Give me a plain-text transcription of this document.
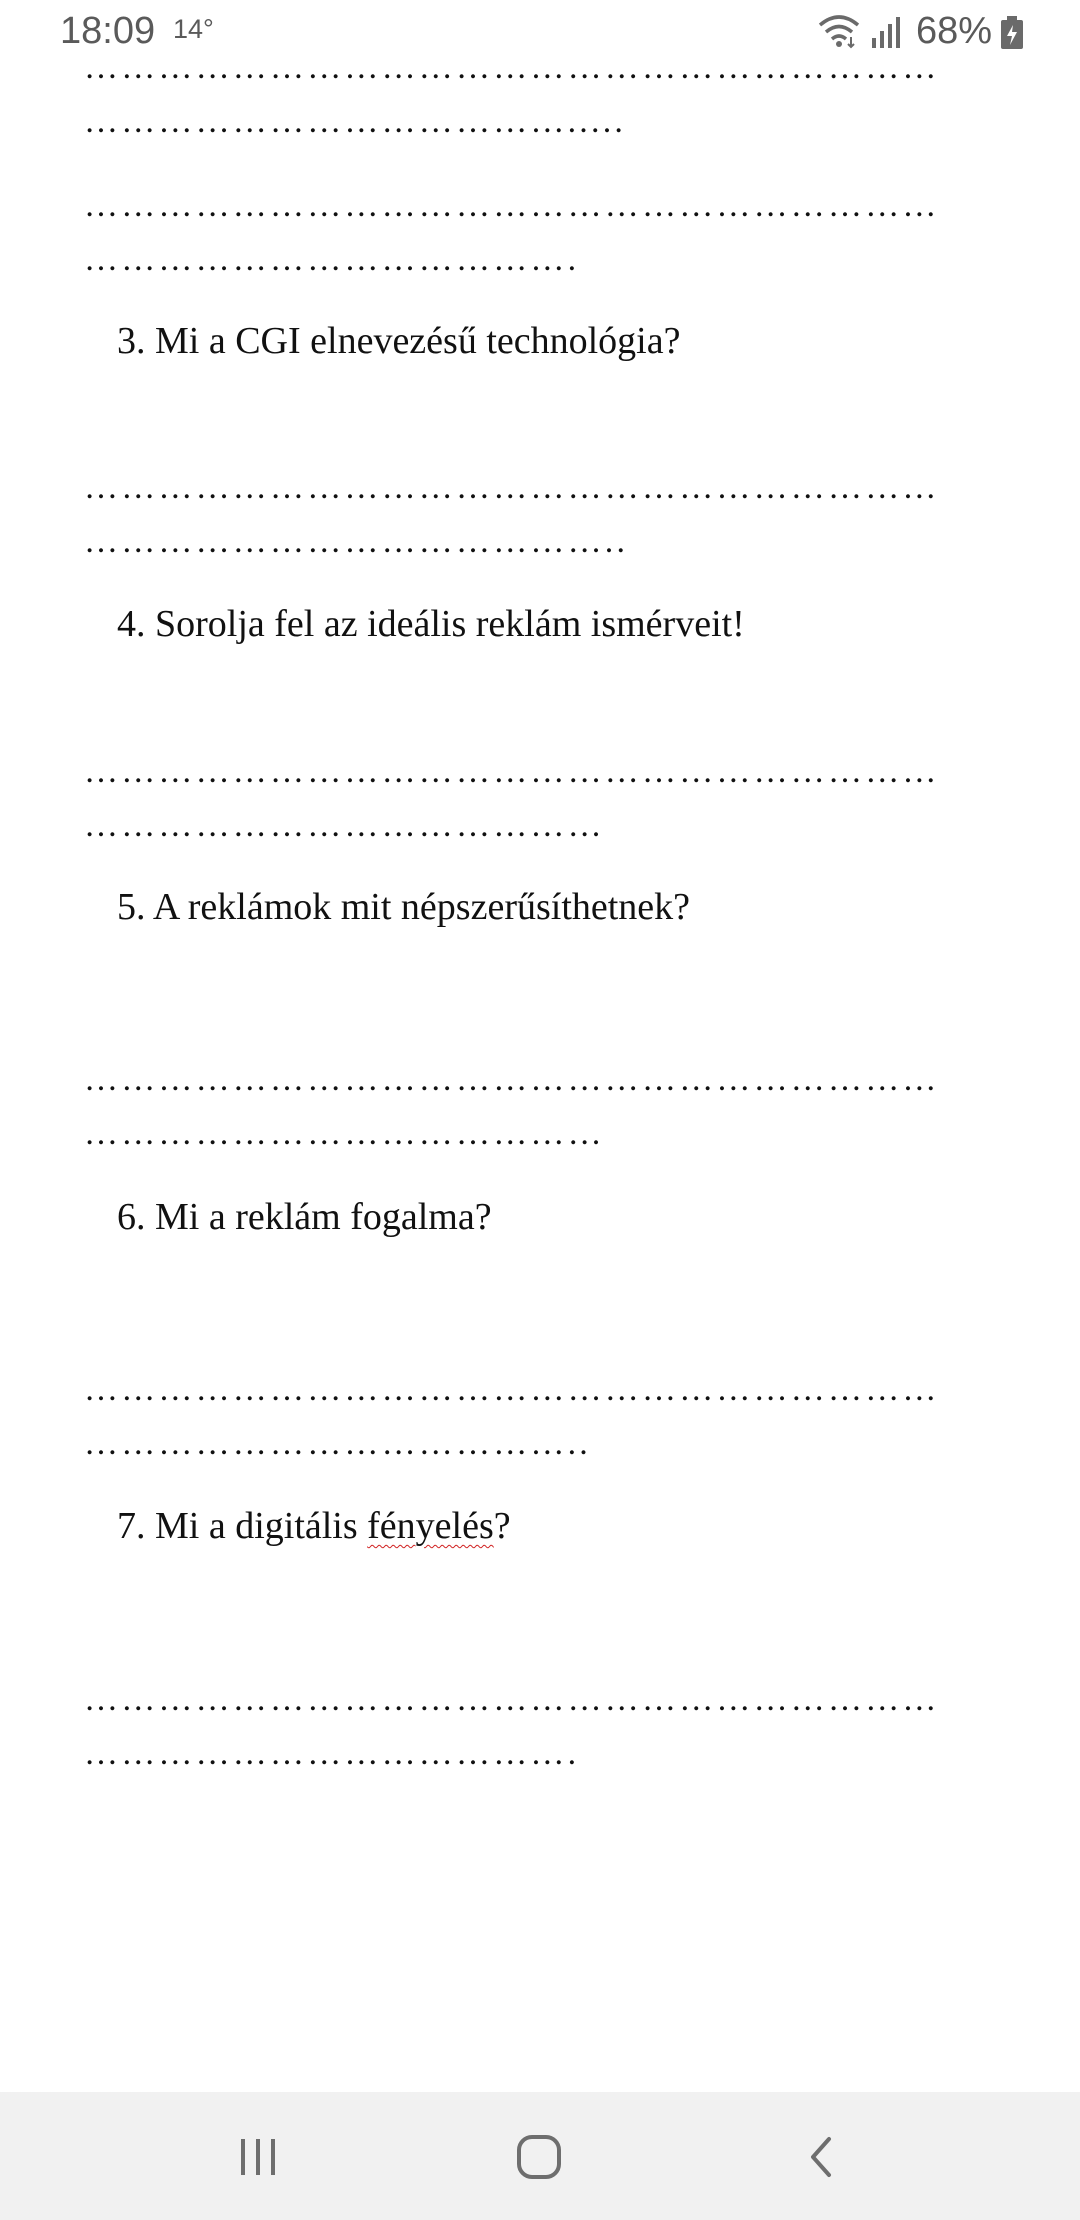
18:09 14°	68%
……………………………………………………………
………………………………….....
……………………………………………………………
………………………………….
3. Mi a CGI elnevezésű technológia?
……………………………………………………………
……………………………………..
4. Sorolja fel az ideális reklám ismérveit!
……………………………………………………………
……………………………………
5. A reklámok mit népszerűsíthetnek?
……………………………………………………………
……………………………………
6. Mi a reklám fogalma?
……………………………………………………………
…………………………………..
7. Mi a digitális fényelés?
……………………………………………………………
………………………………….
